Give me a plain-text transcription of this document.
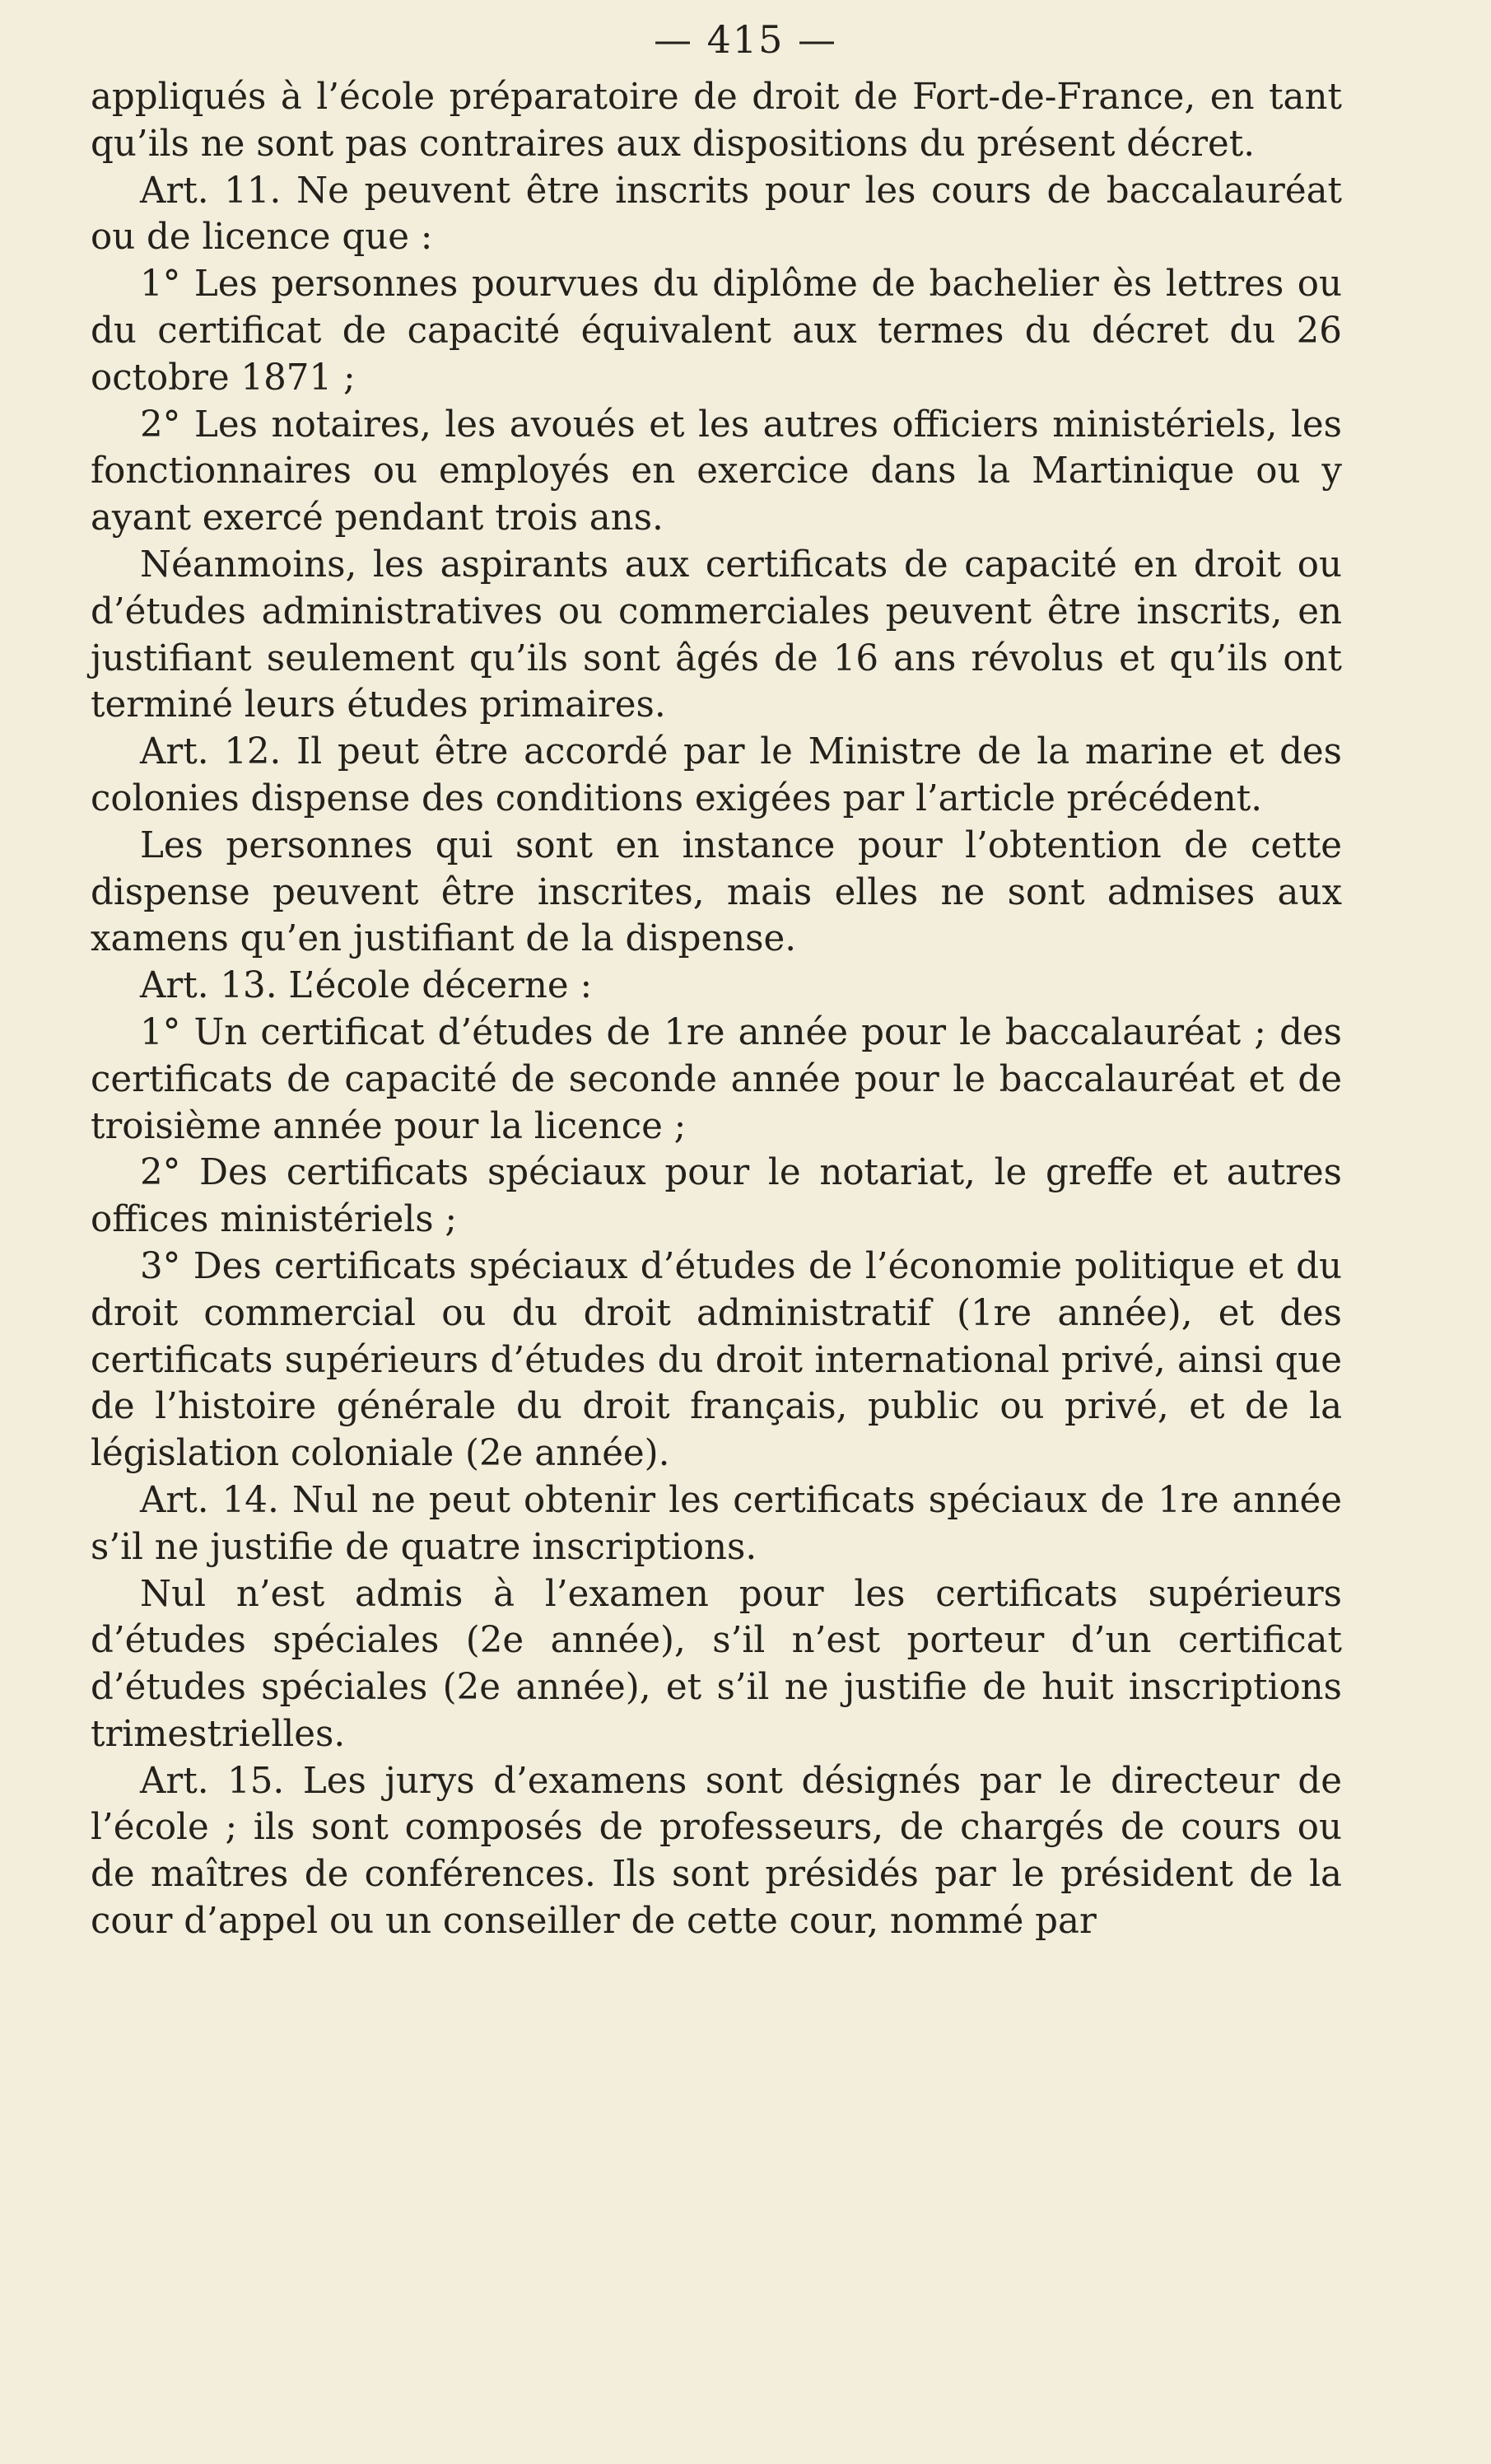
— 415 —

appliqués à l’école préparatoire de droit de Fort-de-France, en tant qu’ils ne sont pas contraires aux dispositions du présent décret.

Art. 11. Ne peuvent être inscrits pour les cours de baccalauréat ou de licence que :

1° Les personnes pourvues du diplôme de bachelier ès lettres ou du certificat de capacité équivalent aux termes du décret du 26 octobre 1871 ;

2° Les notaires, les avoués et les autres officiers ministériels, les fonctionnaires ou employés en exercice dans la Martinique ou y ayant exercé pendant trois ans.

Néanmoins, les aspirants aux certificats de capacité en droit ou d’études administratives ou commerciales peuvent être inscrits, en justifiant seulement qu’ils sont âgés de 16 ans révolus et qu’ils ont terminé leurs études primaires.

Art. 12. Il peut être accordé par le Ministre de la marine et des colonies dispense des conditions exigées par l’article précédent.

Les personnes qui sont en instance pour l’obtention de cette dispense peuvent être inscrites, mais elles ne sont admises aux xamens qu’en justifiant de la dispense.

Art. 13. L’école décerne :

1° Un certificat d’études de 1re année pour le baccalauréat ; des certificats de capacité de seconde année pour le baccalauréat et de troisième année pour la licence ;

2° Des certificats spéciaux pour le notariat, le greffe et autres offices ministériels ;

3° Des certificats spéciaux d’études de l’économie politique et du droit commercial ou du droit administratif (1re année), et des certificats supérieurs d’études du droit international privé, ainsi que de l’histoire générale du droit français, public ou privé, et de la législation coloniale (2e année).

Art. 14. Nul ne peut obtenir les certificats spéciaux de 1re année s’il ne justifie de quatre inscriptions.

Nul n’est admis à l’examen pour les certificats supérieurs d’études spéciales (2e année), s’il n’est porteur d’un certificat d’études spéciales (2e année), et s’il ne justifie de huit inscriptions trimestrielles.

Art. 15. Les jurys d’examens sont désignés par le directeur de l’école ; ils sont composés de professeurs, de chargés de cours ou de maîtres de conférences. Ils sont présidés par le président de la cour d’appel ou un conseiller de cette cour, nommé par
